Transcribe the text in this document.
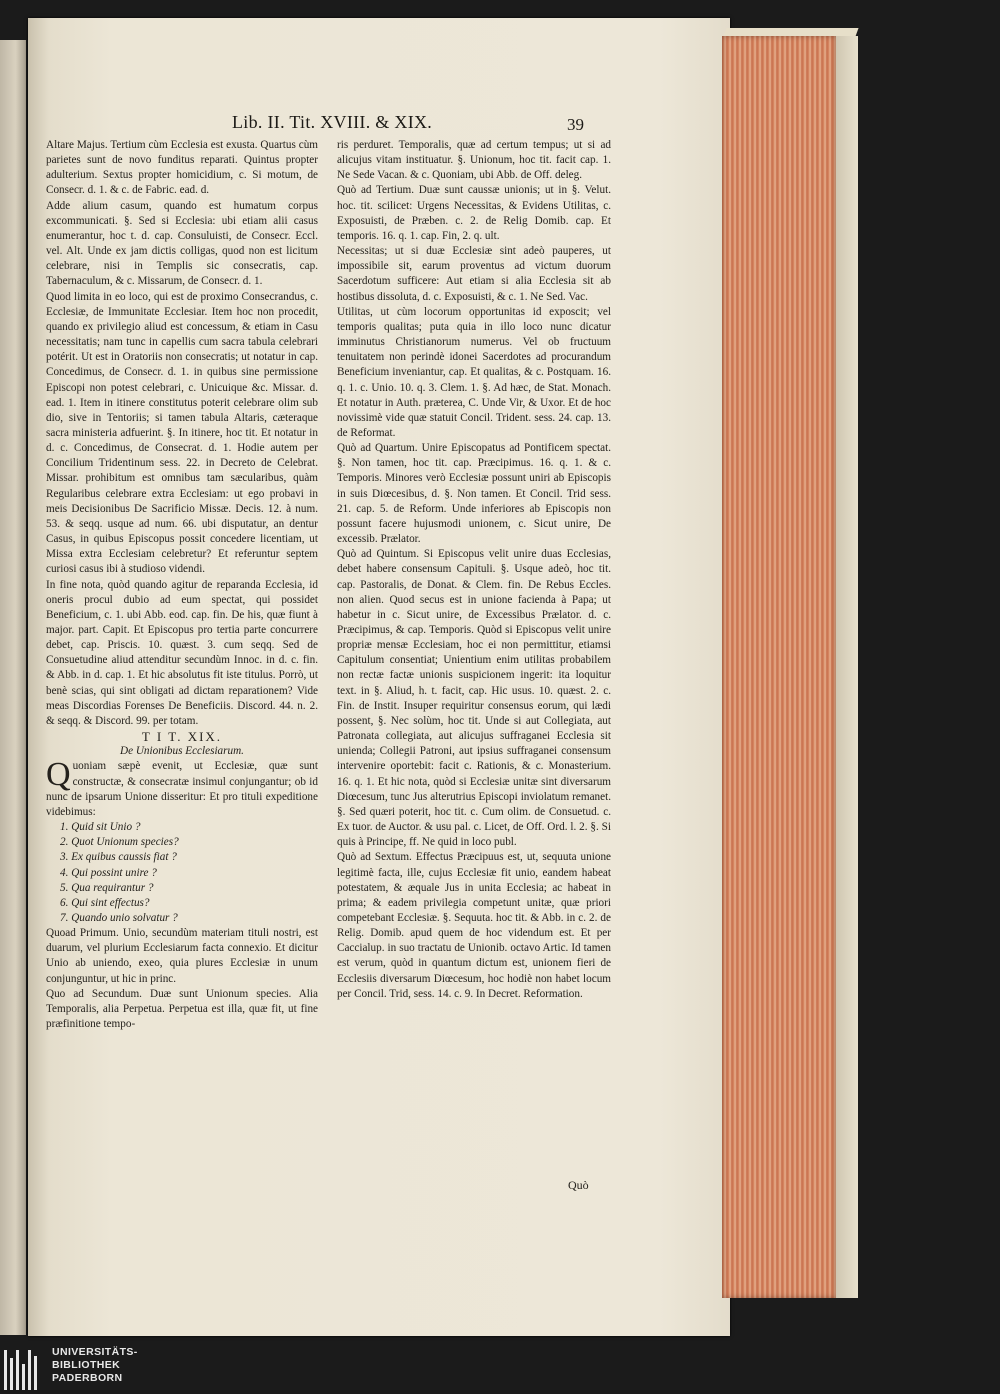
Lib. II. Tit. XVIII. & XIX.	39

Altare Majus. Tertium cùm Ecclesia est exusta. Quartus cùm parietes sunt de novo funditus reparati. Quintus propter adulterium. Sextus propter homicidium, c. Si motum, de Consecr. d. 1. & c. de Fabric. ead. d.

Adde alium casum, quando est humatum corpus excommunicati. §. Sed si Ecclesia: ubi etiam alii casus enumerantur, hoc t. d. cap. Consuluisti, de Consecr. Eccl. vel. Alt. Unde ex jam dictis colligas, quod non est licitum celebrare, nisi in Templis sic consecratis, cap. Tabernaculum, & c. Missarum, de Consecr. d. 1.

Quod limita in eo loco, qui est de proximo Consecrandus, c. Ecclesiæ, de Immunitate Ecclesiar. Item hoc non procedit, quando ex privilegio aliud est concessum, & etiam in Casu necessitatis; nam tunc in capellis cum sacra tabula celebrari potérit. Ut est in Oratoriis non consecratis; ut notatur in cap. Concedimus, de Consecr. d. 1. in quibus sine permissione Episcopi non potest celebrari, c. Unicuique &c. Missar. d. ead. 1. Item in itinere constitutus poterit celebrare olim sub dio, sive in Tentoriis; si tamen tabula Altaris, cæteraque sacra ministeria adfuerint. §. In itinere, hoc tit. Et notatur in d. c. Concedimus, de Consecrat. d. 1. Hodie autem per Concilium Tridentinum sess. 22. in Decreto de Celebrat. Missar. prohibitum est omnibus tam sæcularibus, quàm Regularibus celebrare extra Ecclesiam: ut ego probavi in meis Decisionibus De Sacrificio Missæ. Decis. 12. à num. 53. & seqq. usque ad num. 66. ubi disputatur, an dentur Casus, in quibus Episcopus possit concedere licentiam, ut Missa extra Ecclesiam celebretur? Et referuntur septem curiosi casus ibi à studioso videndi.

In fine nota, quòd quando agitur de reparanda Ecclesia, id oneris procul dubio ad eum spectat, qui possidet Beneficium, c. 1. ubi Abb. eod. cap. fin. De his, quæ fiunt à major. part. Capit. Et Episcopus pro tertia parte concurrere debet, cap. Priscis. 10. quæst. 3. cum seqq. Sed de Consuetudine aliud attenditur secundùm Innoc. in d. c. fin. & Abb. in d. cap. 1. Et hic absolutus fit iste titulus. Porrò, ut benè scias, qui sint obligati ad dictam reparationem? Vide meas Discordias Forenses De Beneficiis. Discord. 44. n. 2. & seqq. & Discord. 99. per totam.

T I T. XIX.

De Unionibus Ecclesiarum.

Quoniam sæpè evenit, ut Ecclesiæ, quæ sunt constructæ, & consecratæ insimul conjungantur; ob id nunc de ipsarum Unione disseritur: Et pro tituli expeditione videbimus:

1. Quid sit Unio ?
2. Quot Unionum species?
3. Ex quibus caussis fiat ?
4. Qui possint unire ?
5. Qua requirantur ?
6. Qui sint effectus?
7. Quando unio solvatur ?

Quoad Primum. Unio, secundùm materiam tituli nostri, est duarum, vel plurium Ecclesiarum facta connexio. Et dicitur Unio ab uniendo, exeo, quia plures Ecclesiæ in unum conjunguntur, ut hic in princ.

Quo ad Secundum. Duæ sunt Unionum species. Alia Temporalis, alia Perpetua. Perpetua est illa, quæ fit, ut fine præfinitione tempo-

ris perduret. Temporalis, quæ ad certum tempus; ut si ad alicujus vitam instituatur. §. Unionum, hoc tit. facit cap. 1. Ne Sede Vacan. & c. Quoniam, ubi Abb. de Off. deleg.

Quò ad Tertium. Duæ sunt caussæ unionis; ut in §. Velut. hoc. tit. scilicet: Urgens Necessitas, & Evidens Utilitas, c. Exposuisti, de Præben. c. 2. de Relig Domib. cap. Et temporis. 16. q. 1. cap. Fin, 2. q. ult.

Necessitas; ut si duæ Ecclesiæ sint adeò pauperes, ut impossibile sit, earum proventus ad victum duorum Sacerdotum sufficere: Aut etiam si alia Ecclesia sit ab hostibus dissoluta, d. c. Exposuisti, & c. 1. Ne Sed. Vac.

Utilitas, ut cùm locorum opportunitas id exposcit; vel temporis qualitas; puta quia in illo loco nunc dicatur imminutus Christianorum numerus. Vel ob fructuum tenuitatem non perindè idonei Sacerdotes ad procurandum Beneficium inveniantur, cap. Et qualitas, & c. Postquam. 16. q. 1. c. Unio. 10. q. 3. Clem. 1. §. Ad hæc, de Stat. Monach. Et notatur in Auth. præterea, C. Unde Vir, & Uxor. Et de hoc novissimè vide quæ statuit Concil. Trident. sess. 24. cap. 13. de Reformat.

Quò ad Quartum. Unire Episcopatus ad Pontificem spectat. §. Non tamen, hoc tit. cap. Præcipimus. 16. q. 1. & c. Temporis. Minores verò Ecclesiæ possunt uniri ab Episcopis in suis Diœcesibus, d. §. Non tamen. Et Concil. Trid sess. 21. cap. 5. de Reform. Unde inferiores ab Episcopis non possunt facere hujusmodi unionem, c. Sicut unire, De excessib. Prælator.

Quò ad Quintum. Si Episcopus velit unire duas Ecclesias, debet habere consensum Capituli. §. Usque adeò, hoc tit. cap. Pastoralis, de Donat. & Clem. fin. De Rebus Eccles. non alien. Quod secus est in unione facienda à Papa; ut habetur in c. Sicut unire, de Excessibus Prælator. d. c. Præcipimus, & cap. Temporis. Quòd si Episcopus velit unire propriæ mensæ Ecclesiam, hoc ei non permittitur, etiamsi Capitulum consentiat; Unientium enim utilitas probabilem non rectæ factæ unionis suspicionem ingerit: ita loquitur text. in §. Aliud, h. t. facit, cap. Hic usus. 10. quæst. 2. c. Fin. de Instit. Insuper requiritur consensus eorum, qui lædi possent, §. Nec solùm, hoc tit. Unde si aut Collegiata, aut Patronata collegiata, aut alicujus suffraganei Ecclesia sit unienda; Collegii Patroni, aut ipsius suffraganei consensum intervenire oportebit: facit c. Rationis, & c. Monasterium. 16. q. 1. Et hic nota, quòd si Ecclesiæ unitæ sint diversarum Diœcesum, tunc Jus alterutrius Episcopi inviolatum remanet. §. Sed quæri poterit, hoc tit. c. Cum olim. de Consuetud. c. Ex tuor. de Auctor. & usu pal. c. Licet, de Off. Ord. l. 2. §. Si quis à Principe, ff. Ne quid in loco publ.

Quò ad Sextum. Effectus Præcipuus est, ut, sequuta unione legitimè facta, ille, cujus Ecclesiæ fit unio, eandem habeat potestatem, & æquale Jus in unita Ecclesia; ac habeat in prima; & eadem privilegia competunt unitæ, quæ priori competebant Ecclesiæ. §. Sequuta. hoc tit. & Abb. in c. 2. de Relig. Domib. apud quem de hoc videndum est. Et per Caccialup. in suo tractatu de Unionib. octavo Artic. Id tamen est verum, quòd in quantum dictum est, unionem fieri de Ecclesiis diversarum Diœcesum, hoc hodiè non habet locum per Concil. Trid, sess. 14. c. 9. In Decret. Reformation.

Quò
UNIVERSITÄTS-
BIBLIOTHEK
PADERBORN
